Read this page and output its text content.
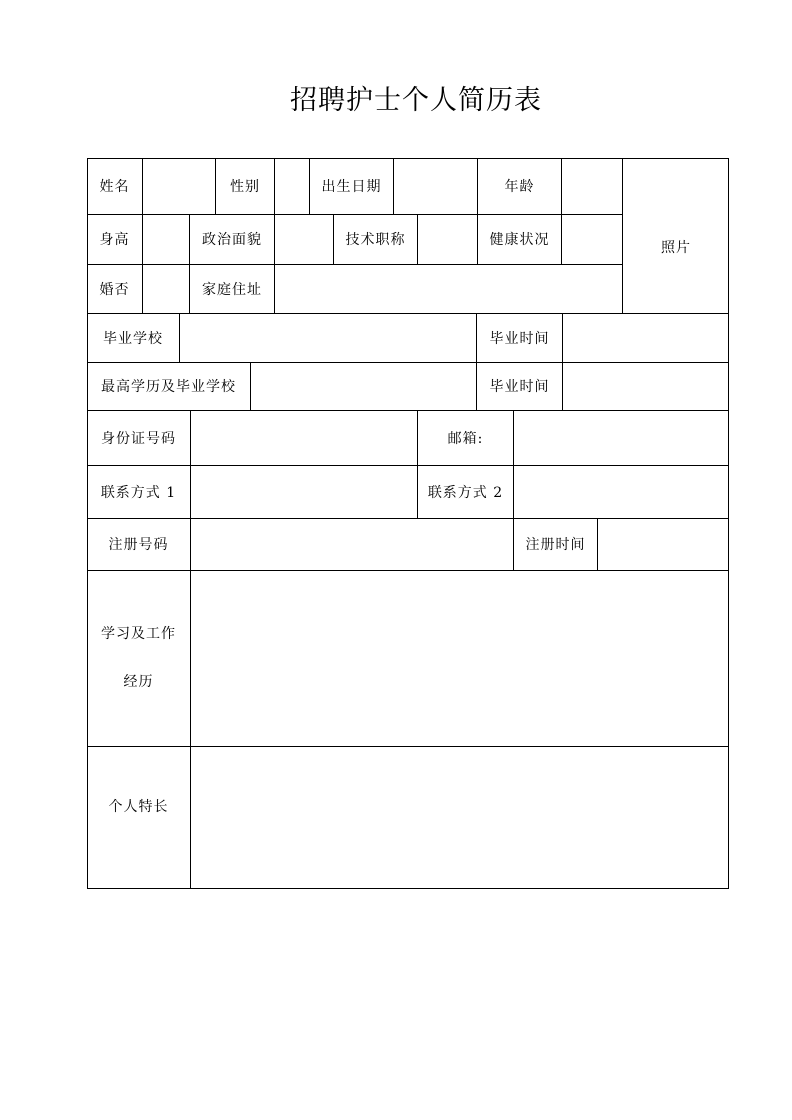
招聘护士个人简历表
姓名	性别	出生日期	年龄
照片
身高	政治面貌	技术职称	健康状况
婚否	家庭住址
毕业学校	毕业时间
最高学历及毕业学校	毕业时间
身份证号码	邮箱:
联系方式 1	联系方式 2
注册号码	注册时间
学习及工作
经历
个人特长
